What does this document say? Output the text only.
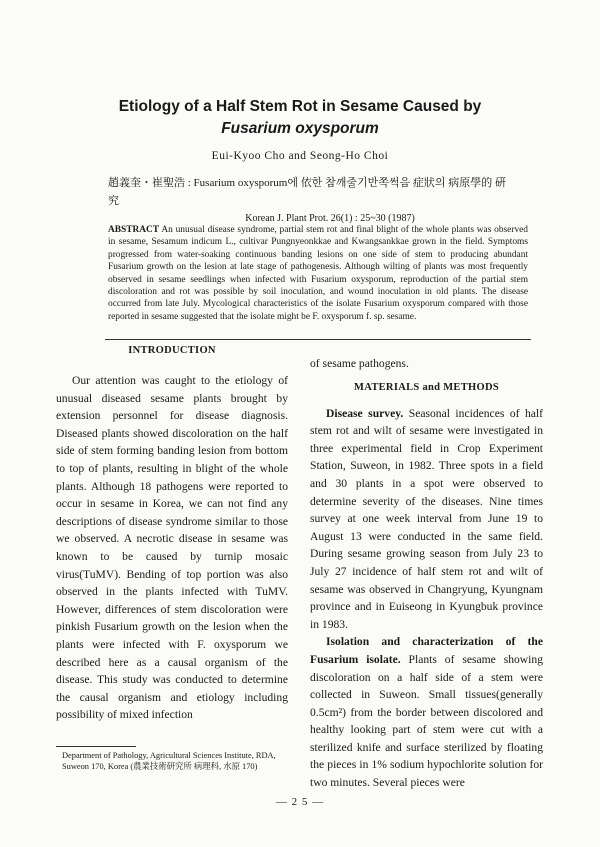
Etiology of a Half Stem Rot in Sesame Caused by
Fusarium oxysporum
Eui-Kyoo Cho and Seong-Ho Choi
趙義奎・崔聖浩 : Fusarium oxysporum에 依한 참깨줄기반쪽썩음 症狀의 病原學的 硏究
Korean J. Plant Prot. 26(1) : 25~30 (1987)
ABSTRACT An unusual disease syndrome, partial stem rot and final blight of the whole plants was observed in sesame, Sesamum indicum L., cultivar Pungnyeonkkae and Kwangsankkae grown in the field. Symptoms progressed from water-soaking continuous banding lesions on one side of stem to producing abundant Fusarium growth on the lesion at late stage of pathogenesis. Although wilting of plants was most frequently observed in sesame seedlings when infected with Fusarium oxysporum, reproduction of the partial stem discoloration and rot was possible by soil inoculation, and wound inoculation in old plants. The disease occurred from late July. Mycological characteristics of the isolate Fusarium oxysporum compared with those reported in sesame suggested that the isolate might be F. oxysporum f. sp. sesame.
INTRODUCTION

Our attention was caught to the etiology of unusual diseased sesame plants brought by extension personnel for disease diagnosis. Diseased plants showed discoloration on the half side of stem forming banding lesion from bottom to top of plants, resulting in blight of the whole plants. Although 18 pathogens were reported to occur in sesame in Korea, we can not find any descriptions of disease syndrome similar to those we observed. A necrotic disease in sesame was known to be caused by turnip mosaic virus(TuMV). Bending of top portion was also observed in the plants infected with TuMV. However, differences of stem discoloration were pinkish Fusarium growth on the lesion when the plants were infected with F. oxysporum we described here as a causal organism of the disease. This study was conducted to determine the causal organism and etiology including possibility of mixed infection

of sesame pathogens.

Disease survey. Seasonal incidences of half stem rot and wilt of sesame were investigated in three experimental field in Crop Experiment Station, Suweon, in 1982. Three spots in a field and 30 plants in a spot were observed to determine severity of the diseases. Nine times survey at one week interval from June 19 to August 13 were conducted in the same field. During sesame growing season from July 23 to July 27 incidence of half stem rot and wilt of sesame was observed in Changryung, Kyungnam province and in Euiseong in Kyungbuk province in 1983.

Isolation and characterization of the Fusarium isolate. Plants of sesame showing discoloration on a half side of a stem were collected in Suweon. Small tissues(generally 0.5cm²) from the border between discolored and healthy looking part of stem were cut with a sterilized knife and surface sterilized by floating the pieces in 1% sodium hypochlorite solution for two minutes. Several pieces were

MATERIALS and METHODS
Department of Pathology, Agricultural Sciences Institute, RDA, Suweon 170, Korea (農業技術研究所 病理科, 水原 170)
— 2 5 —
